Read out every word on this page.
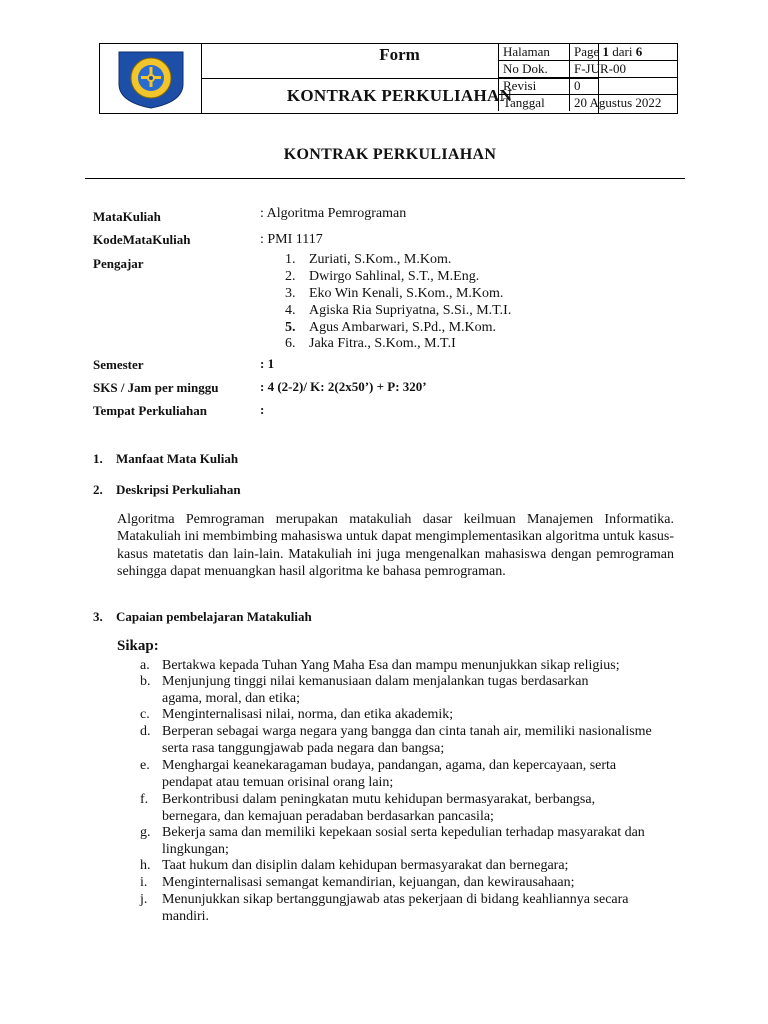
Form
KONTRAK PERKULIAHAN
Halaman	Page 1 dari 6
No Dok.	F-JUR-00
Revisi	0
Tanggal	20 Agustus 2022
KONTRAK PERKULIAHAN
MataKuliah	: Algoritma Pemrograman
KodeMataKuliah	: PMI 1117
Pengajar	1. Zuriati, S.Kom., M.Kom.
2. Dwirgo Sahlinal, S.T., M.Eng.
3. Eko Win Kenali, S.Kom., M.Kom.
4. Agiska Ria Supriyatna, S.Si., M.T.I.
5. Agus Ambarwari, S.Pd., M.Kom.
6. Jaka Fitra., S.Kom., M.T.I
Semester	: 1
SKS / Jam per minggu	: 4 (2-2)/ K: 2(2x50’) + P: 320’
Tempat Perkuliahan	:
1. Manfaat Mata Kuliah
2. Deskripsi Perkuliahan
Algoritma Pemrograman merupakan matakuliah dasar keilmuan Manajemen Informatika. Matakuliah ini membimbing mahasiswa untuk dapat mengimplementasikan algoritma untuk kasus-kasus matetatis dan lain-lain. Matakuliah ini juga mengenalkan mahasiswa dengan pemrograman sehingga dapat menuangkan hasil algoritma ke bahasa pemrograman.
3. Capaian pembelajaran Matakuliah
Sikap:
a. Bertakwa kepada Tuhan Yang Maha Esa dan mampu menunjukkan sikap religius;
b. Menjunjung tinggi nilai kemanusiaan dalam menjalankan tugas berdasarkan agama, moral, dan etika;
c. Menginternalisasi nilai, norma, dan etika akademik;
d. Berperan sebagai warga negara yang bangga dan cinta tanah air, memiliki nasionalisme serta rasa tanggungjawab pada negara dan bangsa;
e. Menghargai keanekaragaman budaya, pandangan, agama, dan kepercayaan, serta pendapat atau temuan orisinal orang lain;
f. Berkontribusi dalam peningkatan mutu kehidupan bermasyarakat, berbangsa, bernegara, dan kemajuan peradaban berdasarkan pancasila;
g. Bekerja sama dan memiliki kepekaan sosial serta kepedulian terhadap masyarakat dan lingkungan;
h. Taat hukum dan disiplin dalam kehidupan bermasyarakat dan bernegara;
i.	Menginternalisasi semangat kemandirian, kejuangan, dan kewirausahaan;
j.	Menunjukkan sikap bertanggungjawab atas pekerjaan di bidang keahliannya secara mandiri.
